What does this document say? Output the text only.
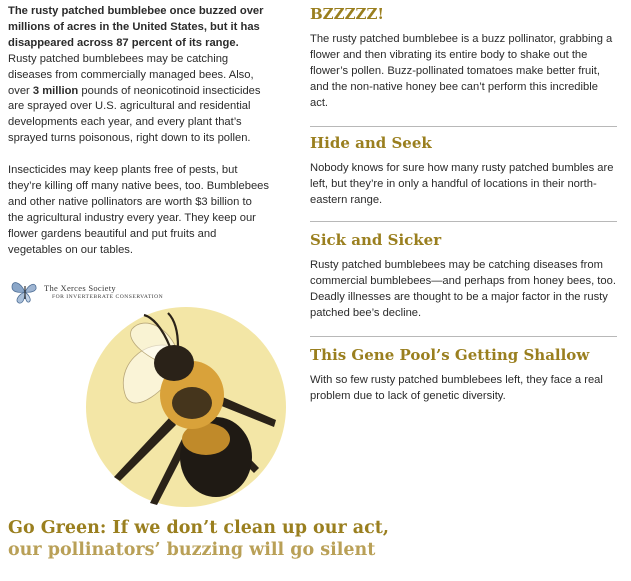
The rusty patched bumblebee once buzzed over millions of acres in the United States, but it has disappeared across 87 percent of its range. Rusty patched bumblebees may be catching diseases from commercially managed bees. Also, over 3 million pounds of neonicotinoid insecticides are sprayed over U.S. agricultural and residential developments each year, and every plant that’s sprayed turns poisonous, right down to its pollen.

Insecticides may keep plants free of pests, but they’re killing off many native bees, too. Bumblebees and other native pollinators are worth $3 billion to the agricultural industry every year. They keep our flower gardens beautiful and put fruits and vegetables on our tables.

The Xerces Society
FOR INVERTEBRATE CONSERVATION
Go Green: If we don’t clean up our act,
our pollinators’ buzzing will go silent
BZZZZZ!

The rusty patched bumblebee is a buzz pollinator, grabbing a flower and then vibrating its entire body to shake out the flower’s pollen. Buzz-pollinated tomatoes make better fruit, and the non-native honey bee can’t perform this incredible act.

Hide and Seek

Nobody knows for sure how many rusty patched bumbles are left, but they’re in only a handful of locations in their north-eastern range.

Sick and Sicker

Rusty patched bumblebees may be catching diseases from commercial bumblebees—and perhaps from honey bees, too. Deadly illnesses are thought to be a major factor in the rusty patched bee’s decline.

This Gene Pool’s Getting Shallow

With so few rusty patched bumblebees left, they face a real problem due to lack of genetic diversity.
